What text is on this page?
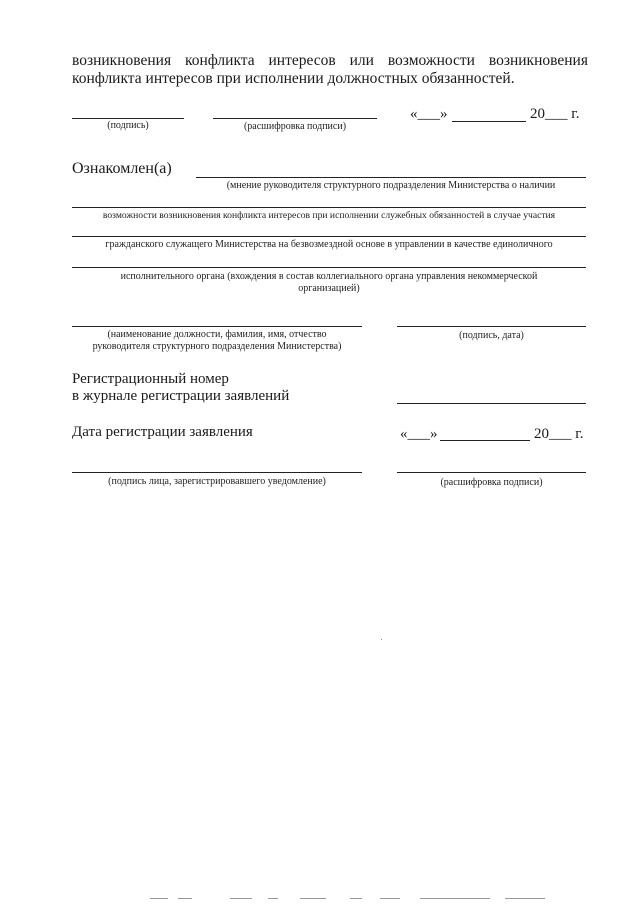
возникновения конфликта интересов или возможности возникновения
конфликта интересов при исполнении должностных обязанностей.
(подпись)	(расшифровка подписи)
«___»	20___ г.
Ознакомлен(а)
(мнение руководителя структурного подразделения Министерства о наличии
возможности возникновения конфликта интересов при исполнении служебных обязанностей в случае участия
гражданского служащего Министерства на безвозмездной основе в управлении в качестве единоличного
исполнительного органа (вхождения в состав коллегиального органа управления некоммерческой
организацией)
(наименование должности, фамилия, имя, отчество
руководителя структурного подразделения Министерства)
(подпись, дата)
Регистрационный номер
в журнале регистрации заявлений
Дата регистрации заявления	«___»	20___ г.
(подпись лица, зарегистрировавшего уведомление)	(расшифровка подписи)
